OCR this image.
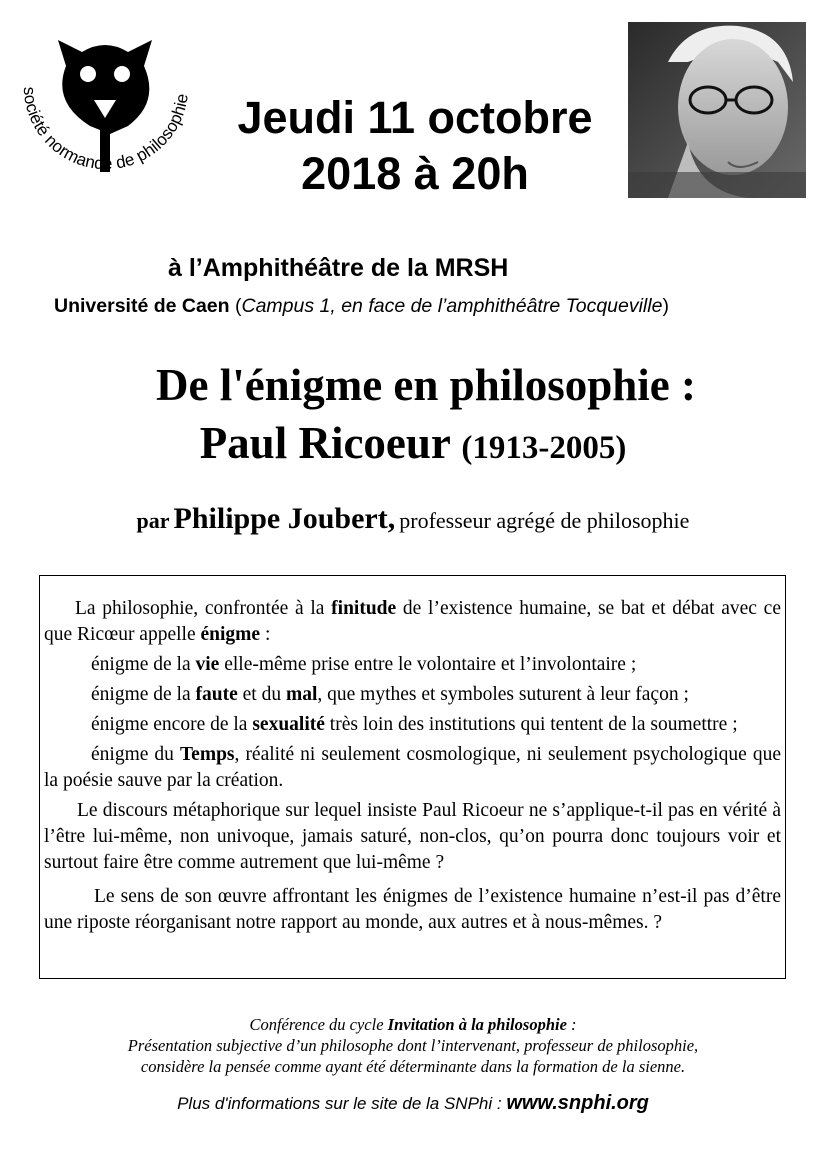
société normande de philosophie	Jeudi 11 octobre
2018 à 20h
à l’Amphithéâtre de la MRSH
Université de Caen (Campus 1, en face de l’amphithéâtre Tocqueville)
De l'énigme en philosophie :
Paul Ricoeur (1913-2005)
par Philippe Joubert, professeur agrégé de philosophie

La philosophie, confrontée à la finitude de l’existence humaine, se bat et débat avec ce que Ricœur appelle énigme :

énigme de la vie elle-même prise entre le volontaire et l’involontaire ;

énigme de la faute et du mal, que mythes et symboles suturent à leur façon ;

énigme encore de la sexualité très loin des institutions qui tentent de la soumettre ;

énigme du Temps, réalité ni seulement cosmologique, ni seulement psychologique que la poésie sauve par la création.

Le discours métaphorique sur lequel insiste Paul Ricoeur ne s’applique-t-il pas en vérité à l’être lui-même, non univoque, jamais saturé, non-clos, qu’on pourra donc toujours voir et surtout faire être comme autrement que lui-même ?

Le sens de son œuvre affrontant les énigmes de l’existence humaine n’est-il pas d’être une riposte réorganisant notre rapport au monde, aux autres et à nous-mêmes. ?

Conférence du cycle Invitation à la philosophie :
Présentation subjective d’un philosophe dont l’intervenant, professeur de philosophie,
considère la pensée comme ayant été déterminante dans la formation de la sienne.
Plus d'informations sur le site de la SNPhi : www.snphi.org
